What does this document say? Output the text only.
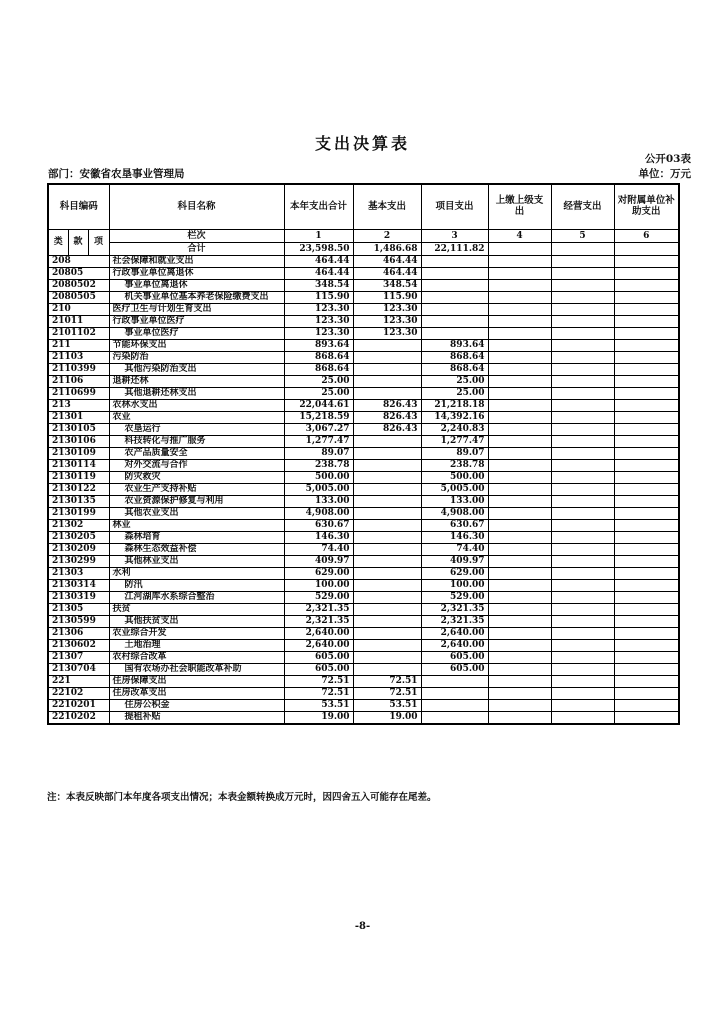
支出决算表
公开03表
部门：安徽省农垦事业管理局	单位：万元
科目编码			科目名称	本年支出合计	基本支出	项目支出	上缴上级支出	经营支出	对附属单位补助支出
类	款	项	栏次	1	2	3	4	5	6
			合计	23,598.50	1,486.68	22,111.82			
208			社会保障和就业支出	464.44	464.44				
20805			行政事业单位离退休	464.44	464.44				
2080502			事业单位离退休	348.54	348.54				
2080505			机关事业单位基本养老保险缴费支出	115.90	115.90				
210			医疗卫生与计划生育支出	123.30	123.30				
21011			行政事业单位医疗	123.30	123.30				
2101102			事业单位医疗	123.30	123.30				
211			节能环保支出	893.64		893.64			
21103			污染防治	868.64		868.64			
2110399			其他污染防治支出	868.64		868.64			
21106			退耕还林	25.00		25.00			
2110699			其他退耕还林支出	25.00		25.00			
213			农林水支出	22,044.61	826.43	21,218.18			
21301			农业	15,218.59	826.43	14,392.16			
2130105			农垦运行	3,067.27	826.43	2,240.83			
2130106			科技转化与推广服务	1,277.47		1,277.47			
2130109			农产品质量安全	89.07		89.07			
2130114			对外交流与合作	238.78		238.78			
2130119			防灾救灾	500.00		500.00			
2130122			农业生产支持补贴	5,005.00		5,005.00			
2130135			农业资源保护修复与利用	133.00		133.00			
2130199			其他农业支出	4,908.00		4,908.00			
21302			林业	630.67		630.67			
2130205			森林培育	146.30		146.30			
2130209			森林生态效益补偿	74.40		74.40			
2130299			其他林业支出	409.97		409.97			
21303			水利	629.00		629.00			
2130314			防汛	100.00		100.00			
2130319			江河湖库水系综合整治	529.00		529.00			
21305			扶贫	2,321.35		2,321.35			
2130599			其他扶贫支出	2,321.35		2,321.35			
21306			农业综合开发	2,640.00		2,640.00			
2130602			土地治理	2,640.00		2,640.00			
21307			农村综合改革	605.00		605.00			
2130704			国有农场办社会职能改革补助	605.00		605.00			
221			住房保障支出	72.51	72.51				
22102			住房改革支出	72.51	72.51				
2210201			住房公积金	53.51	53.51				
2210202			提租补贴	19.00	19.00				
注：本表反映部门本年度各项支出情况；本表金额转换成万元时，因四舍五入可能存在尾差。
-8-
